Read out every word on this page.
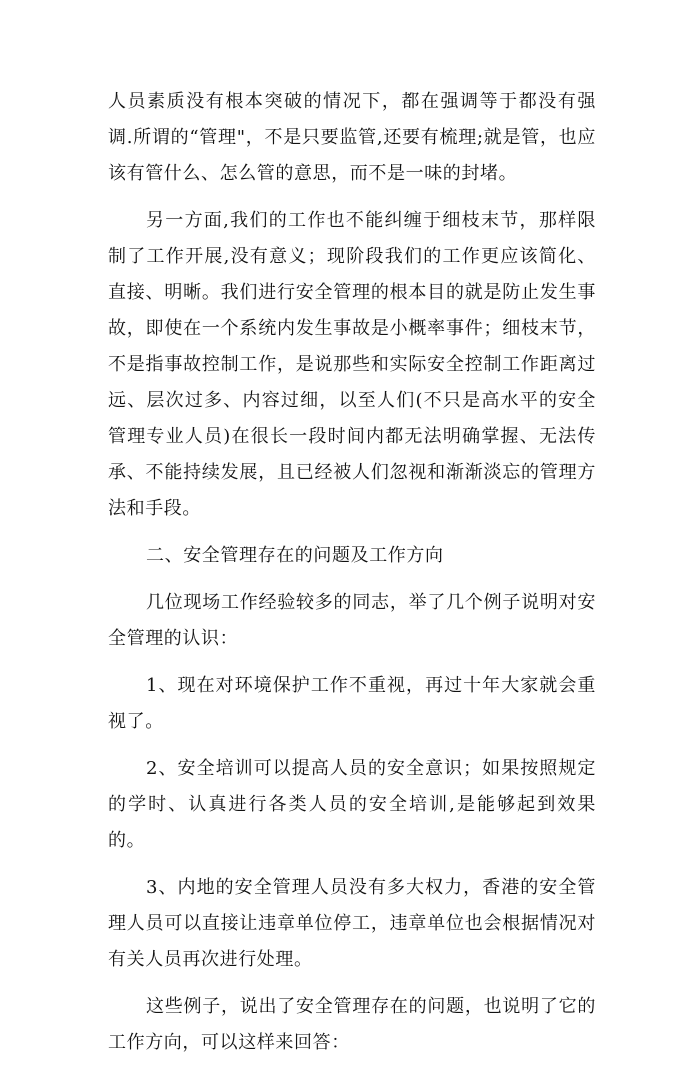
人员素质没有根本突破的情况下，都在强调等于都没有强调.所谓的“管理"，不是只要监管,还要有梳理;就是管，也应该有管什么、怎么管的意思，而不是一味的封堵。

另一方面,我们的工作也不能纠缠于细枝末节，那样限制了工作开展,没有意义；现阶段我们的工作更应该简化、直接、明晰。我们进行安全管理的根本目的就是防止发生事故，即使在一个系统内发生事故是小概率事件；细枝末节，不是指事故控制工作，是说那些和实际安全控制工作距离过远、层次过多、内容过细，以至人们(不只是高水平的安全管理专业人员)在很长一段时间内都无法明确掌握、无法传承、不能持续发展，且已经被人们忽视和渐渐淡忘的管理方法和手段。

二、安全管理存在的问题及工作方向

几位现场工作经验较多的同志，举了几个例子说明对安全管理的认识：

1、现在对环境保护工作不重视，再过十年大家就会重视了。

2、安全培训可以提高人员的安全意识；如果按照规定的学时、认真进行各类人员的安全培训,是能够起到效果的。

3、内地的安全管理人员没有多大权力，香港的安全管理人员可以直接让违章单位停工，违章单位也会根据情况对有关人员再次进行处理。

这些例子，说出了安全管理存在的问题，也说明了它的工作方向，可以这样来回答：
